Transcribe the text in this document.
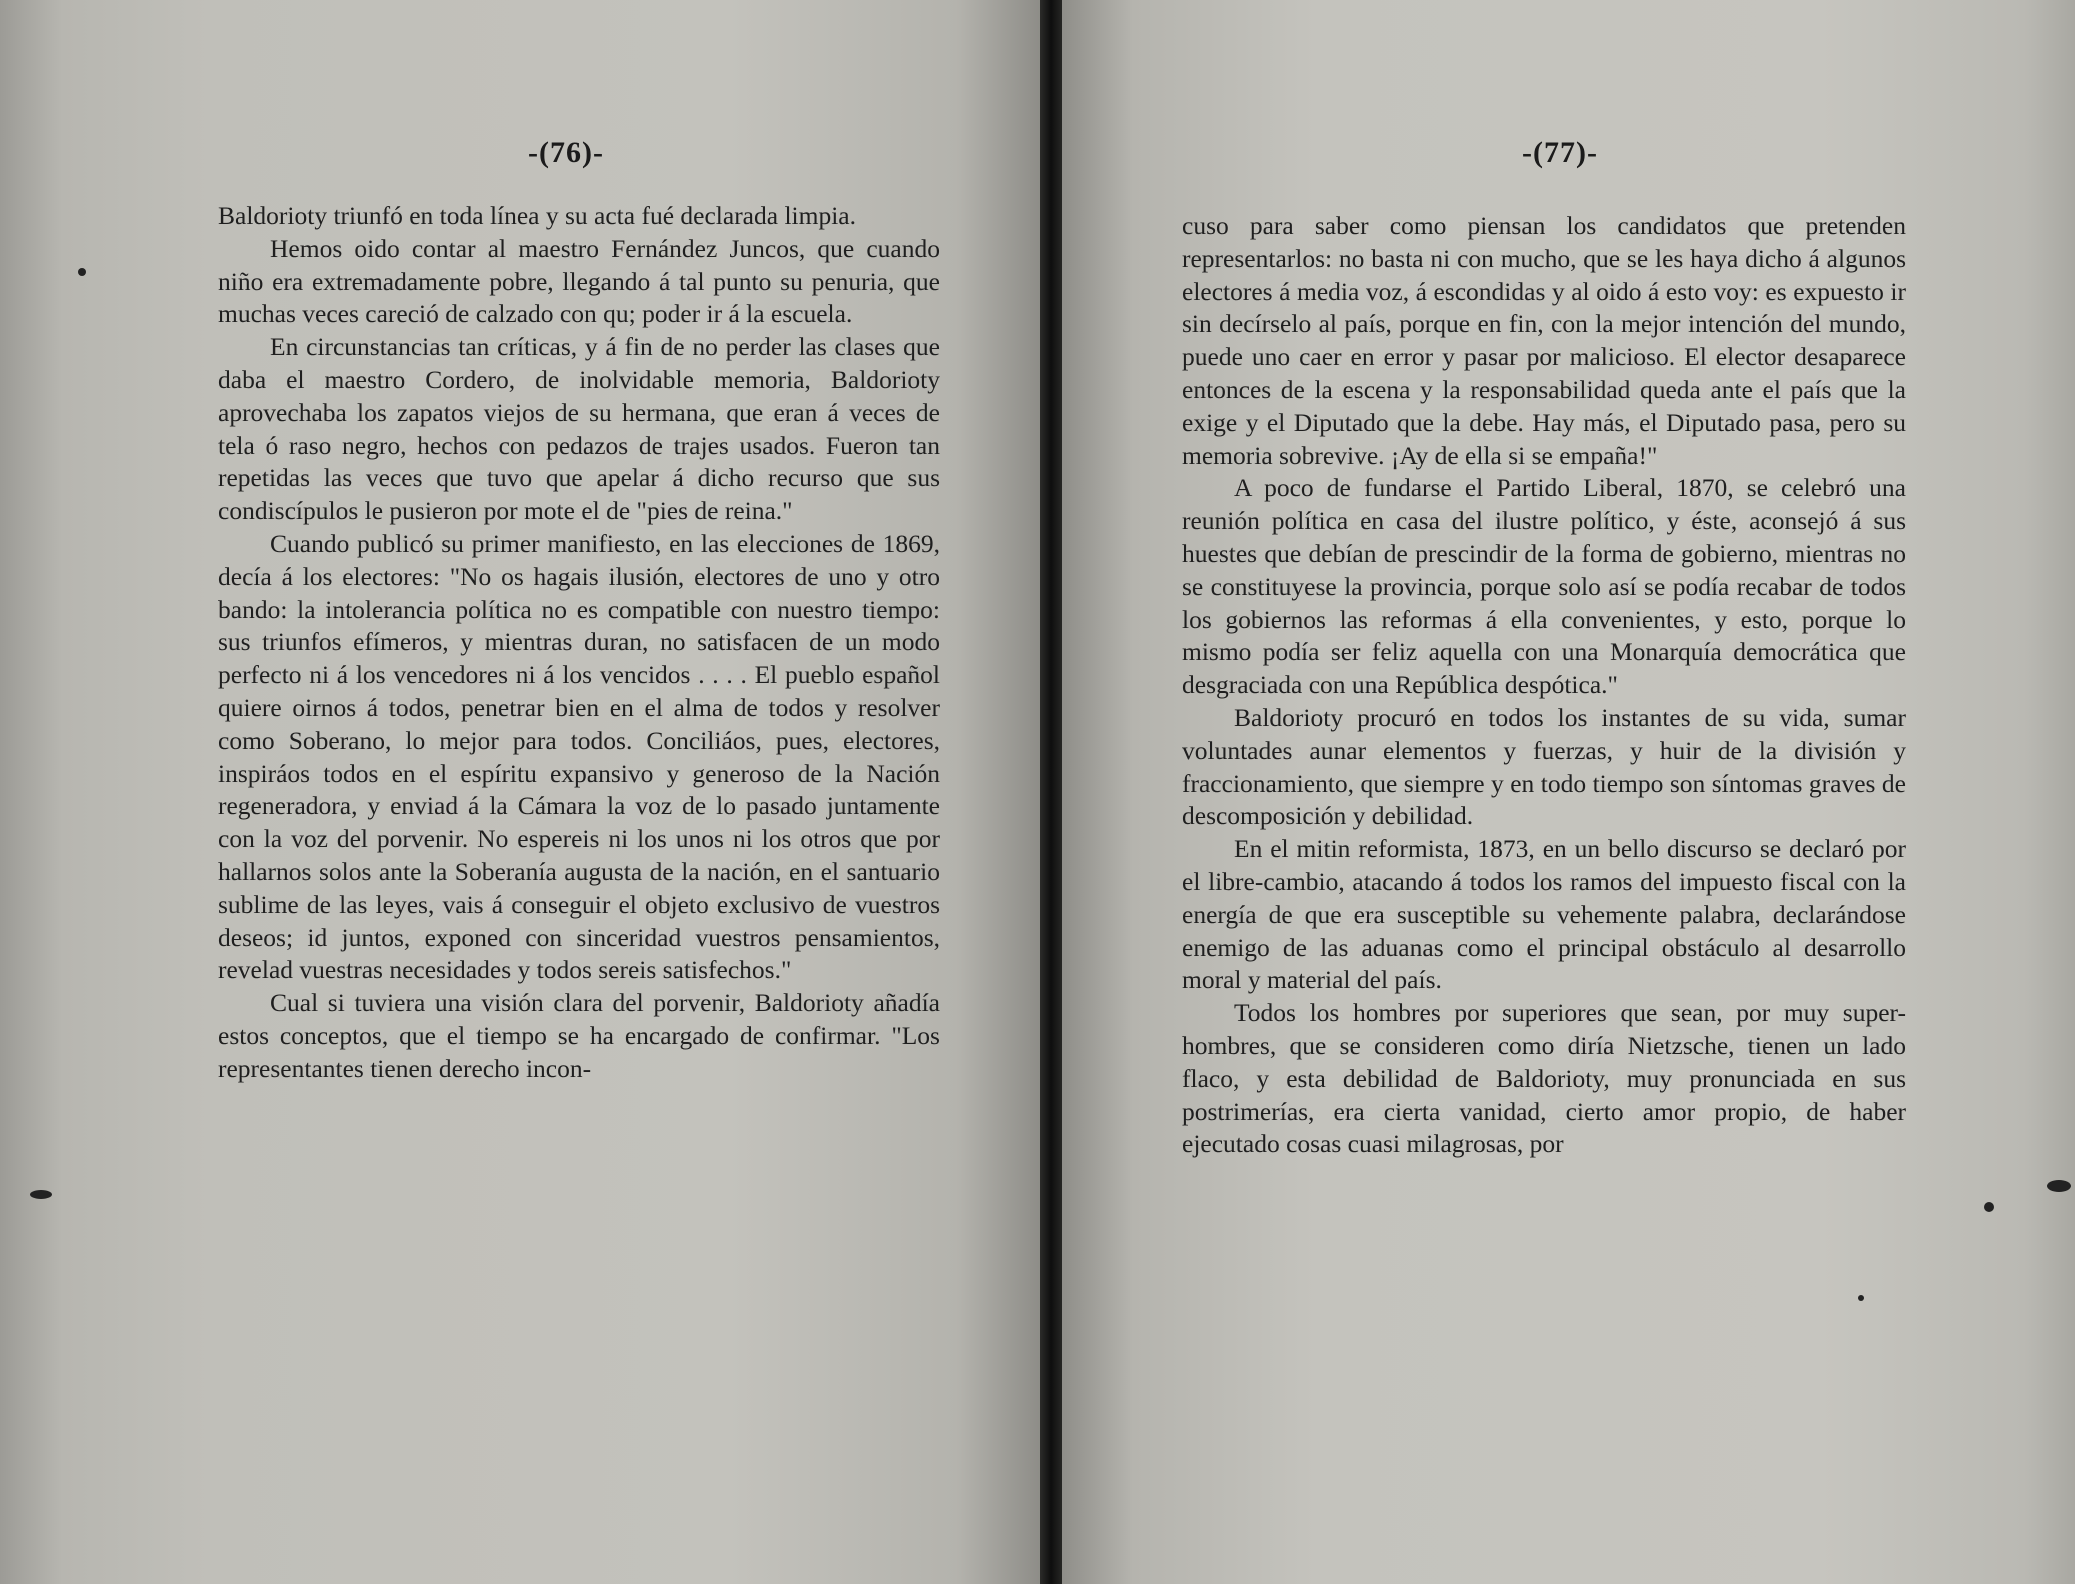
-(76)-

Baldorioty triunfó en toda línea y su acta fué declarada limpia.

Hemos oido contar al maestro Fernández Juncos, que cuando niño era extremadamente pobre, llegando á tal punto su penuria, que muchas veces careció de calzado con qu; poder ir á la escuela.

En circunstancias tan críticas, y á fin de no perder las clases que daba el maestro Cordero, de inolvidable memoria, Baldorioty aprovechaba los zapatos viejos de su hermana, que eran á veces de tela ó raso negro, hechos con pedazos de trajes usados. Fueron tan repetidas las veces que tuvo que apelar á dicho recurso que sus condiscípulos le pusieron por mote el de "pies de reina."

Cuando publicó su primer manifiesto, en las elecciones de 1869, decía á los electores: "No os hagais ilusión, electores de uno y otro bando: la intolerancia política no es compatible con nuestro tiempo: sus triunfos efímeros, y mientras duran, no satisfacen de un modo perfecto ni á los vencedores ni á los vencidos . . . . El pueblo español quiere oirnos á todos, penetrar bien en el alma de todos y resolver como Soberano, lo mejor para todos. Conciliáos, pues, electores, inspiráos todos en el espíritu expansivo y generoso de la Nación regeneradora, y enviad á la Cámara la voz de lo pasado juntamente con la voz del porvenir. No espereis ni los unos ni los otros que por hallarnos solos ante la Soberanía augusta de la nación, en el santuario sublime de las leyes, vais á conseguir el objeto exclusivo de vuestros deseos; id juntos, exponed con sinceridad vuestros pensamientos, revelad vuestras necesidades y todos sereis satisfechos."

Cual si tuviera una visión clara del porvenir, Baldorioty añadía estos conceptos, que el tiempo se ha encargado de confirmar. "Los representantes tienen derecho incon-

-(77)-

cuso para saber como piensan los candidatos que pretenden representarlos: no basta ni con mucho, que se les haya dicho á algunos electores á media voz, á escondidas y al oido á esto voy: es expuesto ir sin decírselo al país, porque en fin, con la mejor intención del mundo, puede uno caer en error y pasar por malicioso. El elector desaparece entonces de la escena y la responsabilidad queda ante el país que la exige y el Diputado que la debe. Hay más, el Diputado pasa, pero su memoria sobrevive. ¡Ay de ella si se empaña!"

A poco de fundarse el Partido Liberal, 1870, se celebró una reunión política en casa del ilustre político, y éste, aconsejó á sus huestes que debían de prescindir de la forma de gobierno, mientras no se constituyese la provincia, porque solo así se podía recabar de todos los gobiernos las reformas á ella convenientes, y esto, porque lo mismo podía ser feliz aquella con una Monarquía democrática que desgraciada con una República despótica."

Baldorioty procuró en todos los instantes de su vida, sumar voluntades aunar elementos y fuerzas, y huir de la división y fraccionamiento, que siempre y en todo tiempo son síntomas graves de descomposición y debilidad.

En el mitin reformista, 1873, en un bello discurso se declaró por el libre-cambio, atacando á todos los ramos del impuesto fiscal con la energía de que era susceptible su vehemente palabra, declarándose enemigo de las aduanas como el principal obstáculo al desarrollo moral y material del país.

Todos los hombres por superiores que sean, por muy super-hombres, que se consideren como diría Nietzsche, tienen un lado flaco, y esta debilidad de Baldorioty, muy pronunciada en sus postrimerías, era cierta vanidad, cierto amor propio, de haber ejecutado cosas cuasi milagrosas, por
